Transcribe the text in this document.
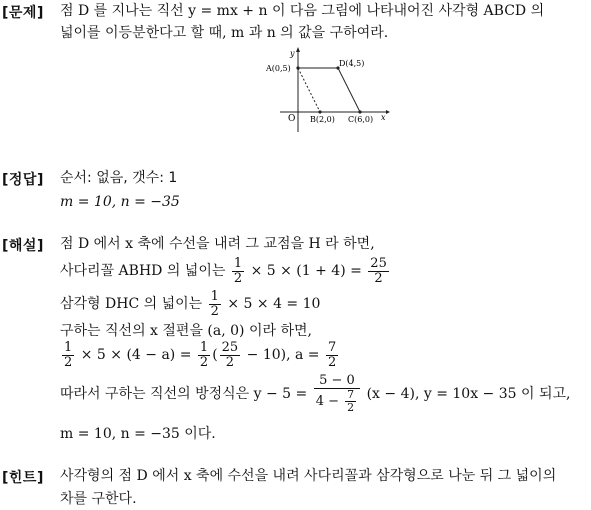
[문제] 점 D 를 지나는 직선 y = mx + n 이 다음 그림에 나타내어진 사각형 ABCD 의
넓이를 이등분한다고 할 때, m 과 n 의 값을 구하여라.
y
x
O
A(0,5)
D(4,5)
B(2,0) C(6,0)
[정답] 순서: 없음, 갯수: 1
m = 10, n = −35
[해설] 점 D 에서 x 축에 수선을 내려 그 교점을 H 라 하면,
사다리꼴 ABHD 의 넓이는 $\frac{1}{2} \times 5 \times (1 + 4) = \frac{25}{2}$
삼각형 DHC 의 넓이는 $\frac{1}{2} \times 5 \times 4 = 10$
구하는 직선의 x 절편을 (a, 0) 이라 하면,
$\frac{1}{2} \times 5 \times (4 - a) = \frac{1}{2}$ ( $\frac{25}{2} - 10$), $a = \frac{7}{2}$
따라서 구하는 직선의 방정식은 $y - 5 = \frac{5 - 0}{4 - \frac{7}{2}} (x - 4)$, y = 10x − 35 이 되고,
m = 10, n = −35 이다.
[힌트] 사각형의 점 D 에서 x 축에 수선을 내려 사다리꼴과 삼각형으로 나눈 뒤 그 넓이의
차를 구한다.
